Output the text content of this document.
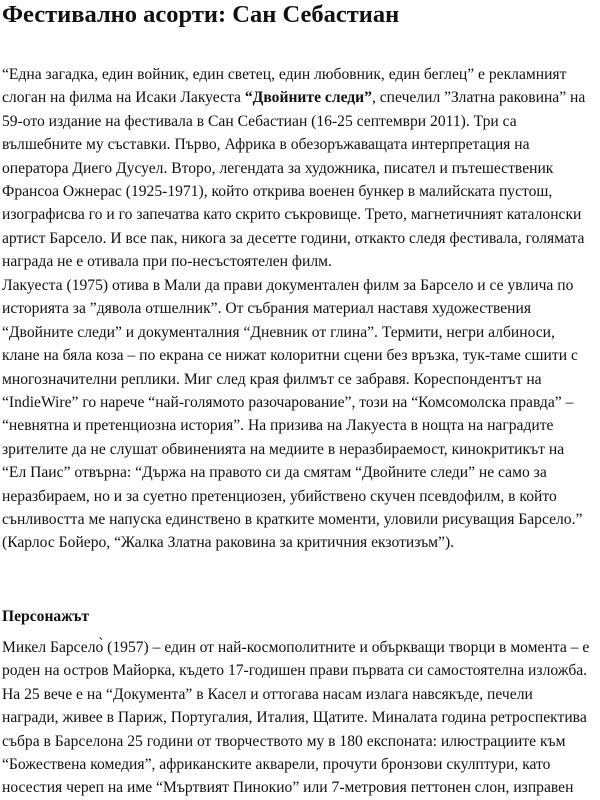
Фестивално асорти: Сан Себастиан
“Една загадка, един войник, един светец, един любовник, един беглец” е рекламният
слоган на филма на Исаки Лакуеста “Двойните следи”, спечелил ”Златна раковина” на
59-ото издание на фестивала в Сан Себастиан (16-25 септември 2011). Три са
вълшебните му съставки. Първо, Африка в обезоръжаващата интерпретация на
оператора Диего Дусуел. Второ, легендата за художника, писател и пътешественик
Франсоа Ожнерас (1925-1971), който открива военен бункер в малийската пустош,
изографисва го и го запечатва като скрито съкровище. Трето, магнетичният каталонски
артист Барсело. И все пак, никога за десетте години, откакто следя фестивала, голямата
награда не е отивала при по-несъстоятелен филм.
Лакуеста (1975) отива в Мали да прави документален филм за Барсело и се увлича по
историята за ”дявола отшелник”. От събрания материал наставя художествения
“Двойните следи” и документалния “Дневник от глина”. Термити, негри албиноси,
клане на бяла коза – по екрана се нижат колоритни сцени без връзка, тук-таме сшити с
многозначителни реплики. Миг след края филмът се забравя. Кореспондентът на
“IndieWire” го нарече “най-голямото разочарование”, този на “Комсомолска правда” –
“невнятна и претенциозна история”. На призива на Лакуеста в нощта на наградите
зрителите да не слушат обвиненията на медиите в неразбираемост, кинокритикът на
“Ел Паис” отвърна: “Държа на правото си да смятам “Двойните следи” не само за
неразбираем, но и за суетно претенциозен, убийствено скучен псевдофилм, в който
сънливостта ме напуска единствено в кратките моменти, уловили рисуващия Барсело.”
(Карлос Бойеро, “Жалка Златна раковина за критичния екзотизъм”).
Персонажът
Микел Барсело̀ (1957) – един от най-космополитните и объркващи творци в момента – е
роден на остров Майорка, където 17-годишен прави първата си самостоятелна изложба.
На 25 вече е на “Документа” в Касел и оттогава насам излага навсякъде, печели
награди, живее в Париж, Португалия, Италия, Щатите. Миналата година ретроспектива
събра в Барселона 25 години от творчеството му в 180 експоната: илюстрациите към
“Божествена комедия”, африканските акварели, прочути бронзови скулптури, като
носестия череп на име “Мъртвият Пинокио” или 7-метровия петтонен слон, изправен
